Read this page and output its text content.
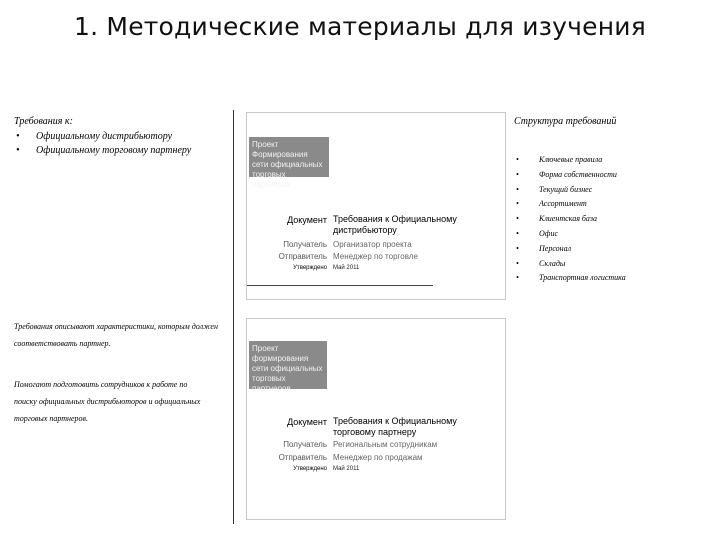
1. Методические материалы для изучения
Требования к:
• Официальному дистрибьютору
• Официальному торговому партнеру
Требования описывают характеристики, которым должен соответствовать партнер.
Помогают подготовить сотрудников к работе по поиску официальных дистрибьюторов и официальных торговых партнеров.
Проект Формирования сети официальных торговых партнеров
Документ Требования к Официальному дистрибьютору
Получатель Организатор проекта
Отправитель Менеджер по торговле
Утверждено Май 2011
Проект формирования сети официальных торговых партнеров
Документ Требования к Официальному торговому партнеру
Получатель Региональным сотрудникам
Отправитель Менеджер по продажам
Утверждено Май 2011
Структура требований
• Ключевые правила
• Форма собственности
• Текущий бизнес
• Ассортимент
• Клиентская база
• Офис
• Персонал
• Склады
• Транспортная логистика
